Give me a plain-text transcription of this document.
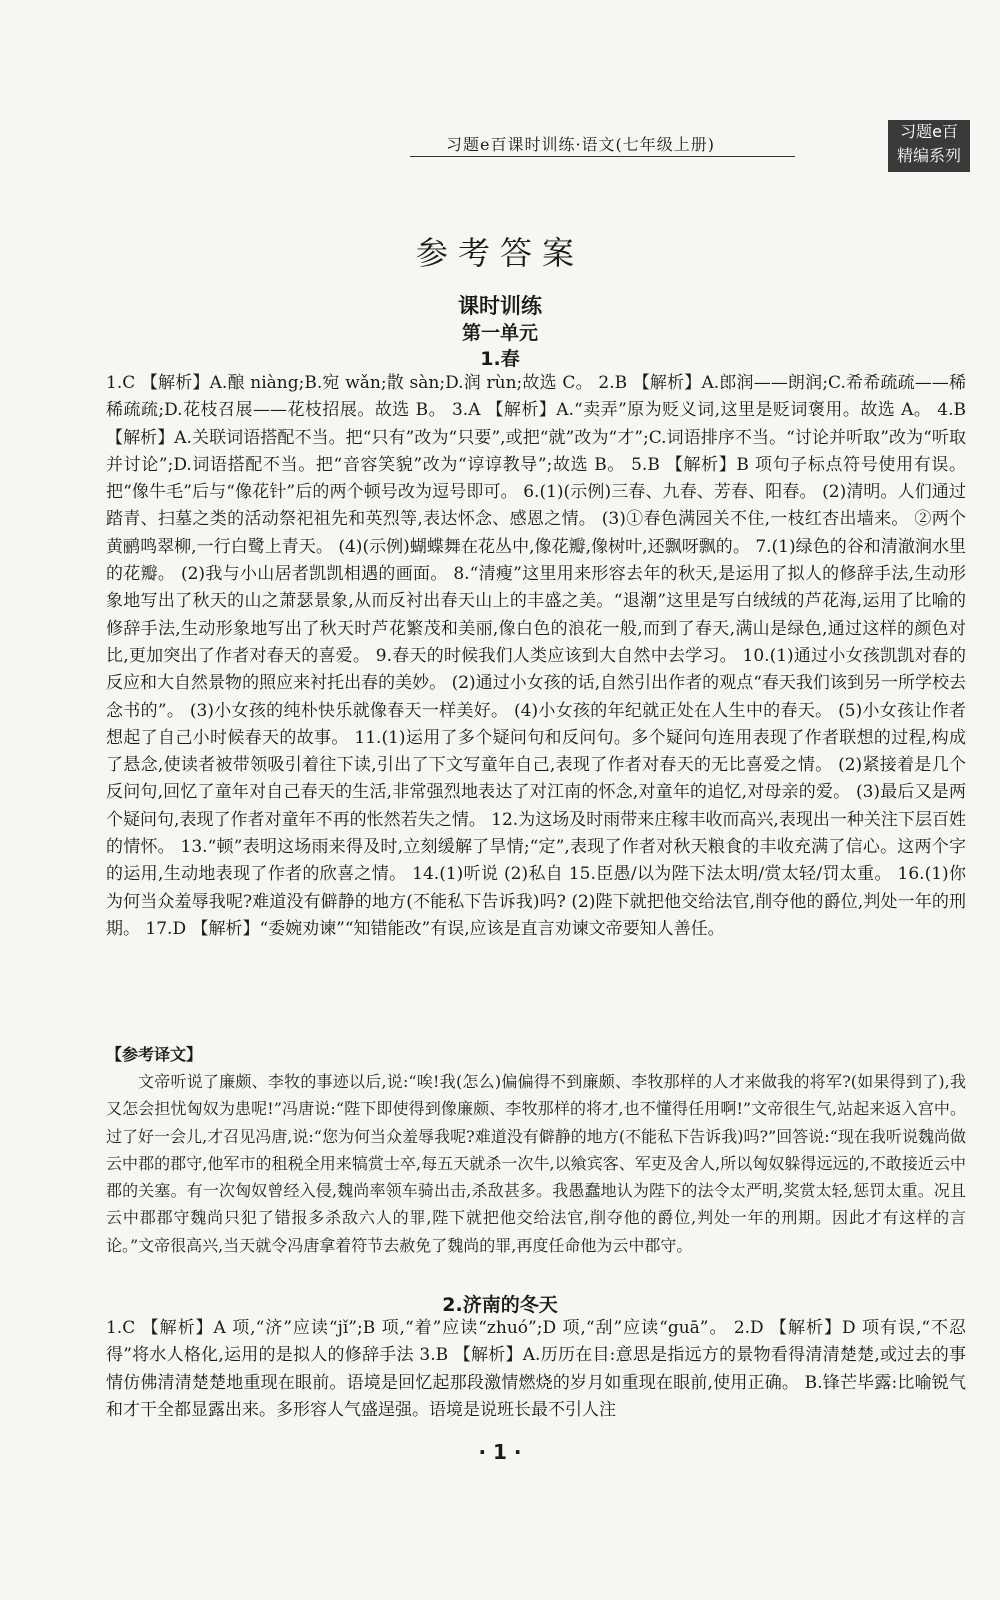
习题e百课时训练·语文(七年级上册)
习题e百
精编系列
参考答案
课时训练
第一单元
1.春
1.C 【解析】A.酿 niàng;B.宛 wǎn;散 sàn;D.润 rùn;故选 C。 2.B 【解析】A.郎润——朗润;C.希希疏疏——稀稀疏疏;D.花枝召展——花枝招展。故选 B。 3.A 【解析】A.“卖弄”原为贬义词,这里是贬词褒用。故选 A。 4.B 【解析】A.关联词语搭配不当。把“只有”改为“只要”,或把“就”改为“才”;C.词语排序不当。“讨论并听取”改为“听取并讨论”;D.词语搭配不当。把“音容笑貌”改为“谆谆教导”;故选 B。 5.B 【解析】B 项句子标点符号使用有误。把“像牛毛”后与“像花针”后的两个顿号改为逗号即可。 6.(1)(示例)三春、九春、芳春、阳春。 (2)清明。人们通过踏青、扫墓之类的活动祭祀祖先和英烈等,表达怀念、感恩之情。 (3)①春色满园关不住,一枝红杏出墙来。 ②两个黄鹂鸣翠柳,一行白鹭上青天。 (4)(示例)蝴蝶舞在花丛中,像花瓣,像树叶,还飘呀飘的。 7.(1)绿色的谷和清澈涧水里的花瓣。 (2)我与小山居者凯凯相遇的画面。 8.“清瘦”这里用来形容去年的秋天,是运用了拟人的修辞手法,生动形象地写出了秋天的山之萧瑟景象,从而反衬出春天山上的丰盛之美。“退潮”这里是写白绒绒的芦花海,运用了比喻的修辞手法,生动形象地写出了秋天时芦花繁茂和美丽,像白色的浪花一般,而到了春天,满山是绿色,通过这样的颜色对比,更加突出了作者对春天的喜爱。 9.春天的时候我们人类应该到大自然中去学习。 10.(1)通过小女孩凯凯对春的反应和大自然景物的照应来衬托出春的美妙。 (2)通过小女孩的话,自然引出作者的观点“春天我们该到另一所学校去念书的”。 (3)小女孩的纯朴快乐就像春天一样美好。 (4)小女孩的年纪就正处在人生中的春天。 (5)小女孩让作者想起了自己小时候春天的故事。 11.(1)运用了多个疑问句和反问句。多个疑问句连用表现了作者联想的过程,构成了悬念,使读者被带领吸引着往下读,引出了下文写童年自己,表现了作者对春天的无比喜爱之情。 (2)紧接着是几个反问句,回忆了童年对自己春天的生活,非常强烈地表达了对江南的怀念,对童年的追忆,对母亲的爱。 (3)最后又是两个疑问句,表现了作者对童年不再的怅然若失之情。 12.为这场及时雨带来庄稼丰收而高兴,表现出一种关注下层百姓的情怀。 13.“顿”表明这场雨来得及时,立刻缓解了旱情;“定”,表现了作者对秋天粮食的丰收充满了信心。这两个字的运用,生动地表现了作者的欣喜之情。 14.(1)听说 (2)私自 15.臣愚/以为陛下法太明/赏太轻/罚太重。 16.(1)你为何当众羞辱我呢?难道没有僻静的地方(不能私下告诉我)吗? (2)陛下就把他交给法官,削夺他的爵位,判处一年的刑期。 17.D 【解析】“委婉劝谏”“知错能改”有误,应该是直言劝谏文帝要知人善任。
【参考译文】
文帝听说了廉颇、李牧的事迹以后,说:“唉!我(怎么)偏偏得不到廉颇、李牧那样的人才来做我的将军?(如果得到了),我又怎会担忧匈奴为患呢!”冯唐说:“陛下即使得到像廉颇、李牧那样的将才,也不懂得任用啊!”文帝很生气,站起来返入宫中。过了好一会儿,才召见冯唐,说:“您为何当众羞辱我呢?难道没有僻静的地方(不能私下告诉我)吗?”回答说:“现在我听说魏尚做云中郡的郡守,他军市的租税全用来犒赏士卒,每五天就杀一次牛,以飨宾客、军吏及舍人,所以匈奴躲得远远的,不敢接近云中郡的关塞。有一次匈奴曾经入侵,魏尚率领车骑出击,杀敌甚多。我愚蠢地认为陛下的法令太严明,奖赏太轻,惩罚太重。况且云中郡郡守魏尚只犯了错报多杀敌六人的罪,陛下就把他交给法官,削夺他的爵位,判处一年的刑期。因此才有这样的言论。”文帝很高兴,当天就令冯唐拿着符节去赦免了魏尚的罪,再度任命他为云中郡守。
2.济南的冬天
1.C 【解析】A 项,“济”应读“jǐ”;B 项,“着”应读“zhuó”;D 项,“刮”应读“guā”。 2.D 【解析】D 项有误,“不忍得”将水人格化,运用的是拟人的修辞手法 3.B 【解析】A.历历在目:意思是指远方的景物看得清清楚楚,或过去的事情仿佛清清楚楚地重现在眼前。语境是回忆起那段激情燃烧的岁月如重现在眼前,使用正确。 B.锋芒毕露:比喻锐气和才干全都显露出来。多形容人气盛逞强。语境是说班长最不引人注
· 1 ·
